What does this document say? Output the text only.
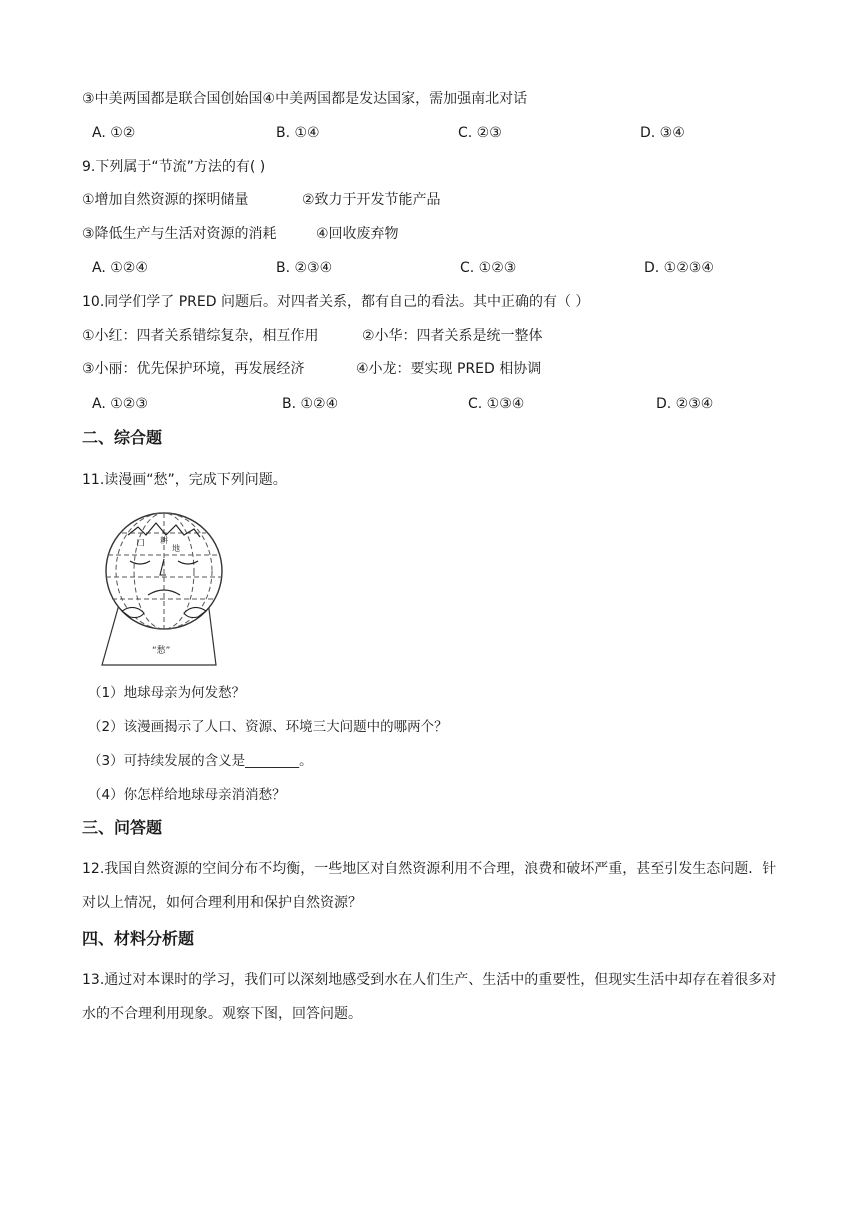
③中美两国都是联合国创始国④中美两国都是发达国家，需加强南北对话
A. ①②	B. ①④	C. ②③	D. ③④
9.下列属于“节流”方法的有( )
①增加自然资源的探明储量	②致力于开发节能产品
③降低生产与生活对资源的消耗	④回收废弃物
A. ①②④	B. ②③④	C. ①②③	D. ①②③④
10.同学们学了 PRED 问题后。对四者关系，都有自己的看法。其中正确的有（ ）
①小红：四者关系错综复杂，相互作用	②小华：四者关系是统一整体
③小丽：优先保护环境，再发展经济	④小龙：要实现 PRED 相协调
A. ①②③	B. ①②④	C. ①③④	D. ②③④
二、综合题
11.读漫画“愁”，完成下列问题。
口 耕
地
“愁”
（1）地球母亲为何发愁？
（2）该漫画揭示了人口、资源、环境三大问题中的哪两个？
（3）可持续发展的含义是________。
（4）你怎样给地球母亲消消愁？
三、问答题
12.我国自然资源的空间分布不均衡，一些地区对自然资源利用不合理，浪费和破坏严重，甚至引发生态问题．针对以上情况，如何合理利用和保护自然资源？
四、材料分析题
13.通过对本课时的学习，我们可以深刻地感受到水在人们生产、生活中的重要性，但现实生活中却存在着很多对水的不合理利用现象。观察下图，回答问题。
